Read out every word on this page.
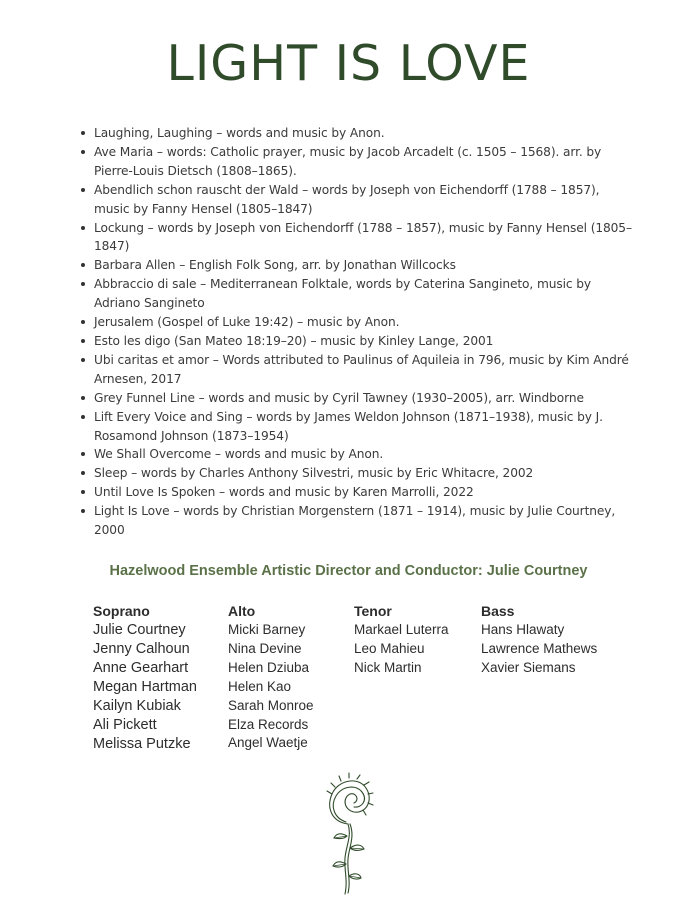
LIGHT IS LOVE
Laughing, Laughing – words and music by Anon.
Ave Maria – words: Catholic prayer, music by Jacob Arcadelt (c. 1505 – 1568). arr. by Pierre-Louis Dietsch (1808–1865).
Abendlich schon rauscht der Wald – words by Joseph von Eichendorff (1788 – 1857), music by Fanny Hensel (1805–1847)
Lockung – words by Joseph von Eichendorff (1788 – 1857), music by Fanny Hensel (1805–1847)
Barbara Allen – English Folk Song, arr. by Jonathan Willcocks
Abbraccio di sale – Mediterranean Folktale, words by Caterina Sangineto, music by Adriano Sangineto
Jerusalem (Gospel of Luke 19:42) – music by Anon.
Esto les digo (San Mateo 18:19–20) – music by Kinley Lange, 2001
Ubi caritas et amor – Words attributed to Paulinus of Aquileia in 796, music by Kim André Arnesen, 2017
Grey Funnel Line – words and music by Cyril Tawney (1930–2005), arr. Windborne
Lift Every Voice and Sing – words by James Weldon Johnson (1871–1938), music by J. Rosamond Johnson (1873–1954)
We Shall Overcome – words and music by Anon.
Sleep – words by Charles Anthony Silvestri, music by Eric Whitacre, 2002
Until Love Is Spoken – words and music by Karen Marrolli, 2022
Light Is Love – words by Christian Morgenstern (1871 – 1914), music by Julie Courtney, 2000
Hazelwood Ensemble Artistic Director and Conductor: Julie Courtney
Soprano
Julie Courtney
Jenny Calhoun
Anne Gearhart
Megan Hartman
Kailyn Kubiak
Ali Pickett
Melissa Putzke
Alto
Micki Barney
Nina Devine
Helen Dziuba
Helen Kao
Sarah Monroe
Elza Records
Angel Waetje
Tenor
Markael Luterra
Leo Mahieu
Nick Martin
Bass
Hans Hlawaty
Lawrence Mathews
Xavier Siemans
